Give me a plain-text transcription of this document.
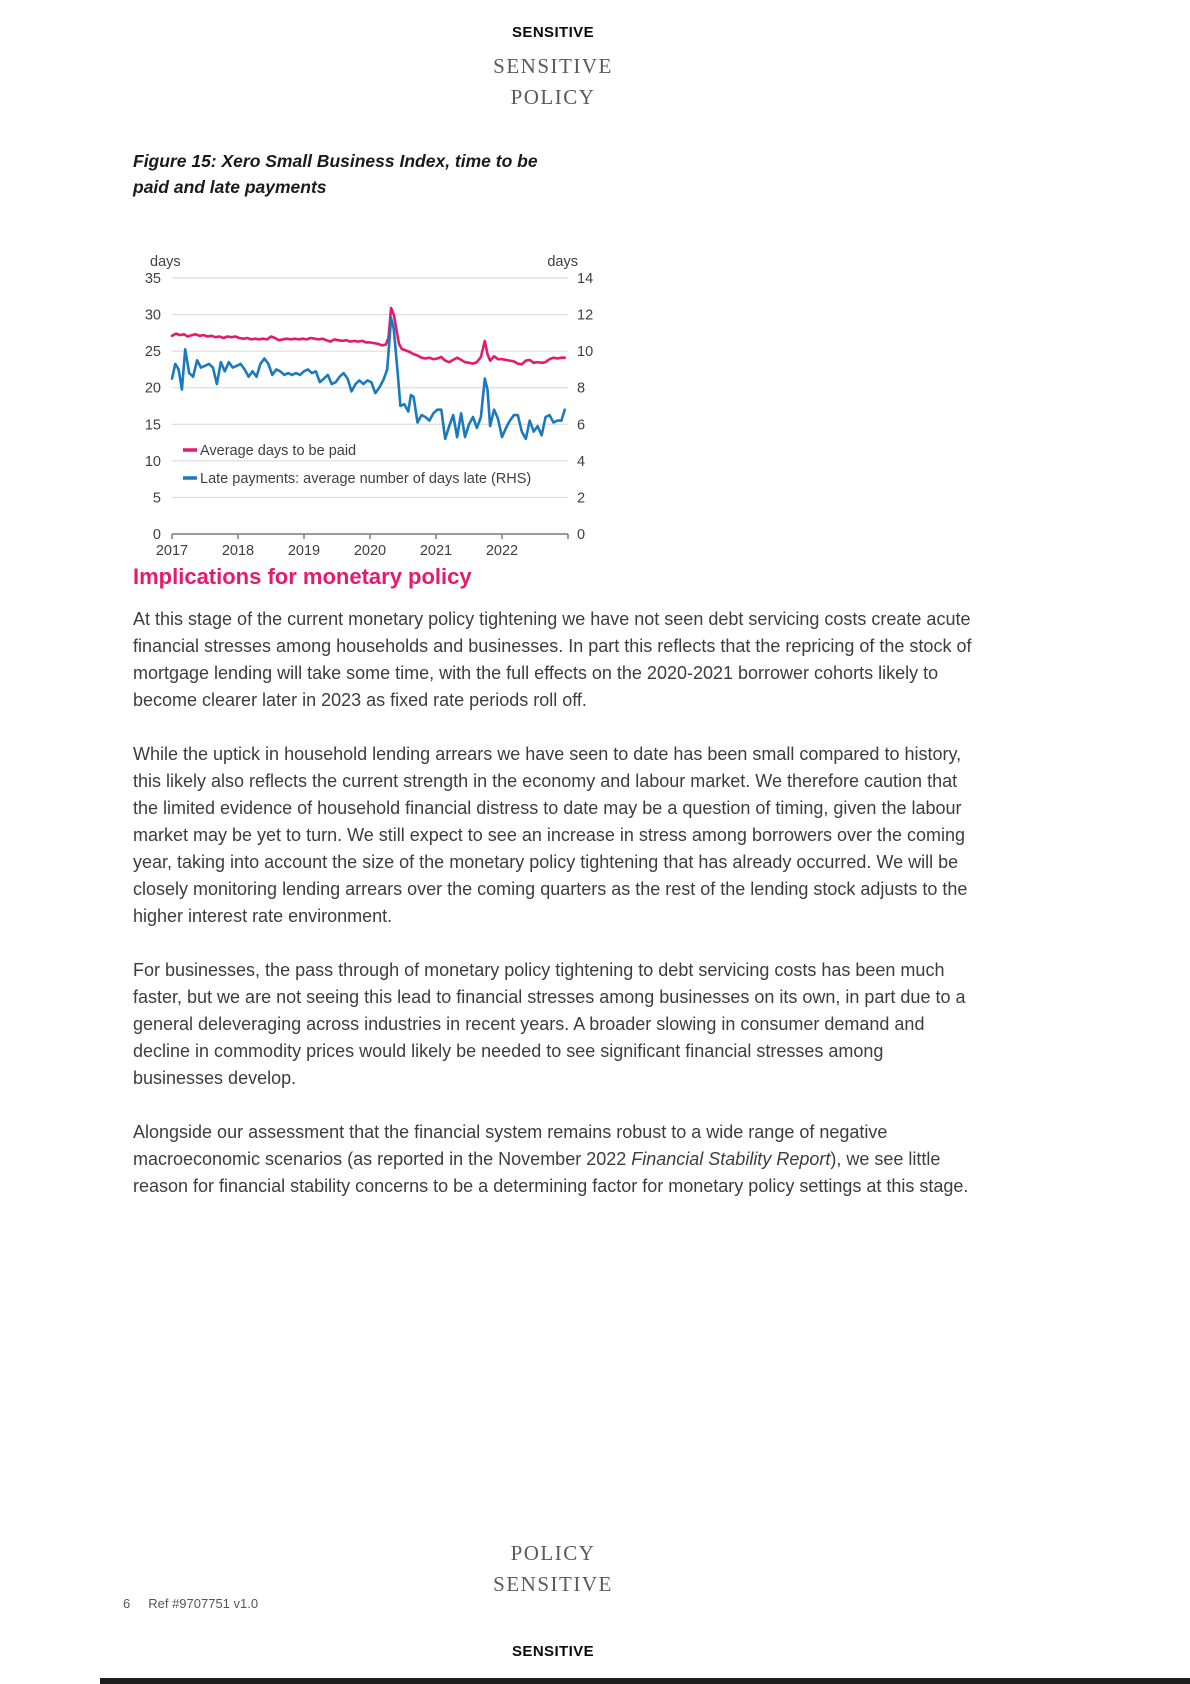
SENSITIVE
SENSITIVE
POLICY
Figure 15: Xero Small Business Index, time to be
paid and late payments
2017 2018 2019 2020 2021 2022
35
30
25
20
15
10
5
0
14
12
10
8
6
4
2
0
days	days
Average days to be paid
Late payments: average number of days late (RHS)
Implications for monetary policy

At this stage of the current monetary policy tightening we have not seen debt servicing costs create acute financial stresses among households and businesses. In part this reflects that the repricing of the stock of mortgage lending will take some time, with the full effects on the 2020-2021 borrower cohorts likely to become clearer later in 2023 as fixed rate periods roll off.

While the uptick in household lending arrears we have seen to date has been small compared to history, this likely also reflects the current strength in the economy and labour market. We therefore caution that the limited evidence of household financial distress to date may be a question of timing, given the labour market may be yet to turn. We still expect to see an increase in stress among borrowers over the coming year, taking into account the size of the monetary policy tightening that has already occurred. We will be closely monitoring lending arrears over the coming quarters as the rest of the lending stock adjusts to the higher interest rate environment.

For businesses, the pass through of monetary policy tightening to debt servicing costs has been much faster, but we are not seeing this lead to financial stresses among businesses on its own, in part due to a general deleveraging across industries in recent years. A broader slowing in consumer demand and decline in commodity prices would likely be needed to see significant financial stresses among businesses develop.

Alongside our assessment that the financial system remains robust to a wide range of negative macroeconomic scenarios (as reported in the November 2022 Financial Stability Report), we see little reason for financial stability concerns to be a determining factor for monetary policy settings at this stage.

POLICY
SENSITIVE
6 Ref #9707751 v1.0
SENSITIVE
